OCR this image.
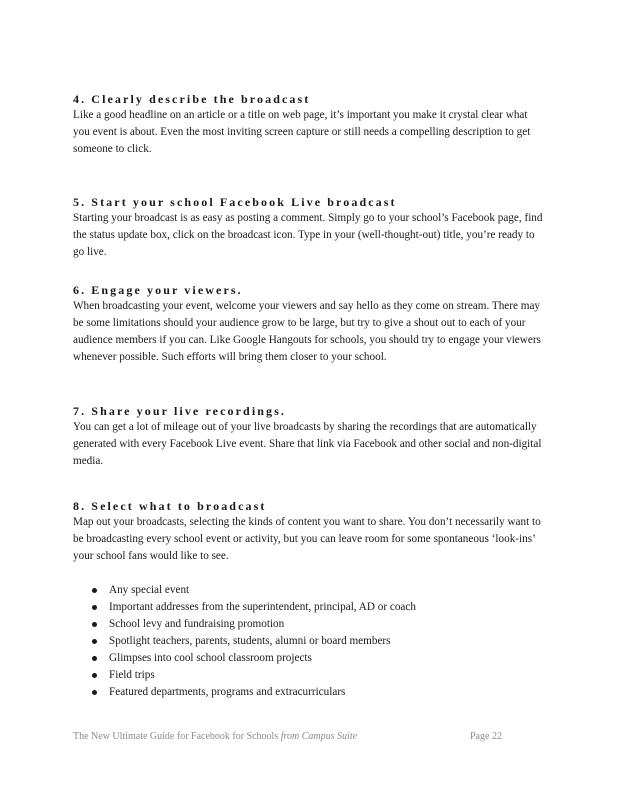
4. Clearly describe the broadcast

Like a good headline on an article or a title on web page, it’s important you make it crystal clear what you event is about. Even the most inviting screen capture or still needs a compelling description to get someone to click.

5. Start your school Facebook Live broadcast

Starting your broadcast is as easy as posting a comment. Simply go to your school’s Facebook page, find the status update box, click on the broadcast icon. Type in your (well-thought-out) title, you’re ready to go live.

6. Engage your viewers.

When broadcasting your event, welcome your viewers and say hello as they come on stream. There may be some limitations should your audience grow to be large, but try to give a shout out to each of your audience members if you can. Like Google Hangouts for schools, you should try to engage your viewers whenever possible. Such efforts will bring them closer to your school.

7. Share your live recordings.

You can get a lot of mileage out of your live broadcasts by sharing the recordings that are automatically generated with every Facebook Live event. Share that link via Facebook and other social and non-digital media.

8. Select what to broadcast

Map out your broadcasts, selecting the kinds of content you want to share. You don’t necessarily want to be broadcasting every school event or activity, but you can leave room for some spontaneous ‘look-ins’ your school fans would like to see.

Any special event
Important addresses from the superintendent, principal, AD or coach
School levy and fundraising promotion
Spotlight teachers, parents, students, alumni or board members
Glimpses into cool school classroom projects
Field trips
Featured departments, programs and extracurriculars
The New Ultimate Guide for Facebook for Schools from Campus Suite	Page 22
